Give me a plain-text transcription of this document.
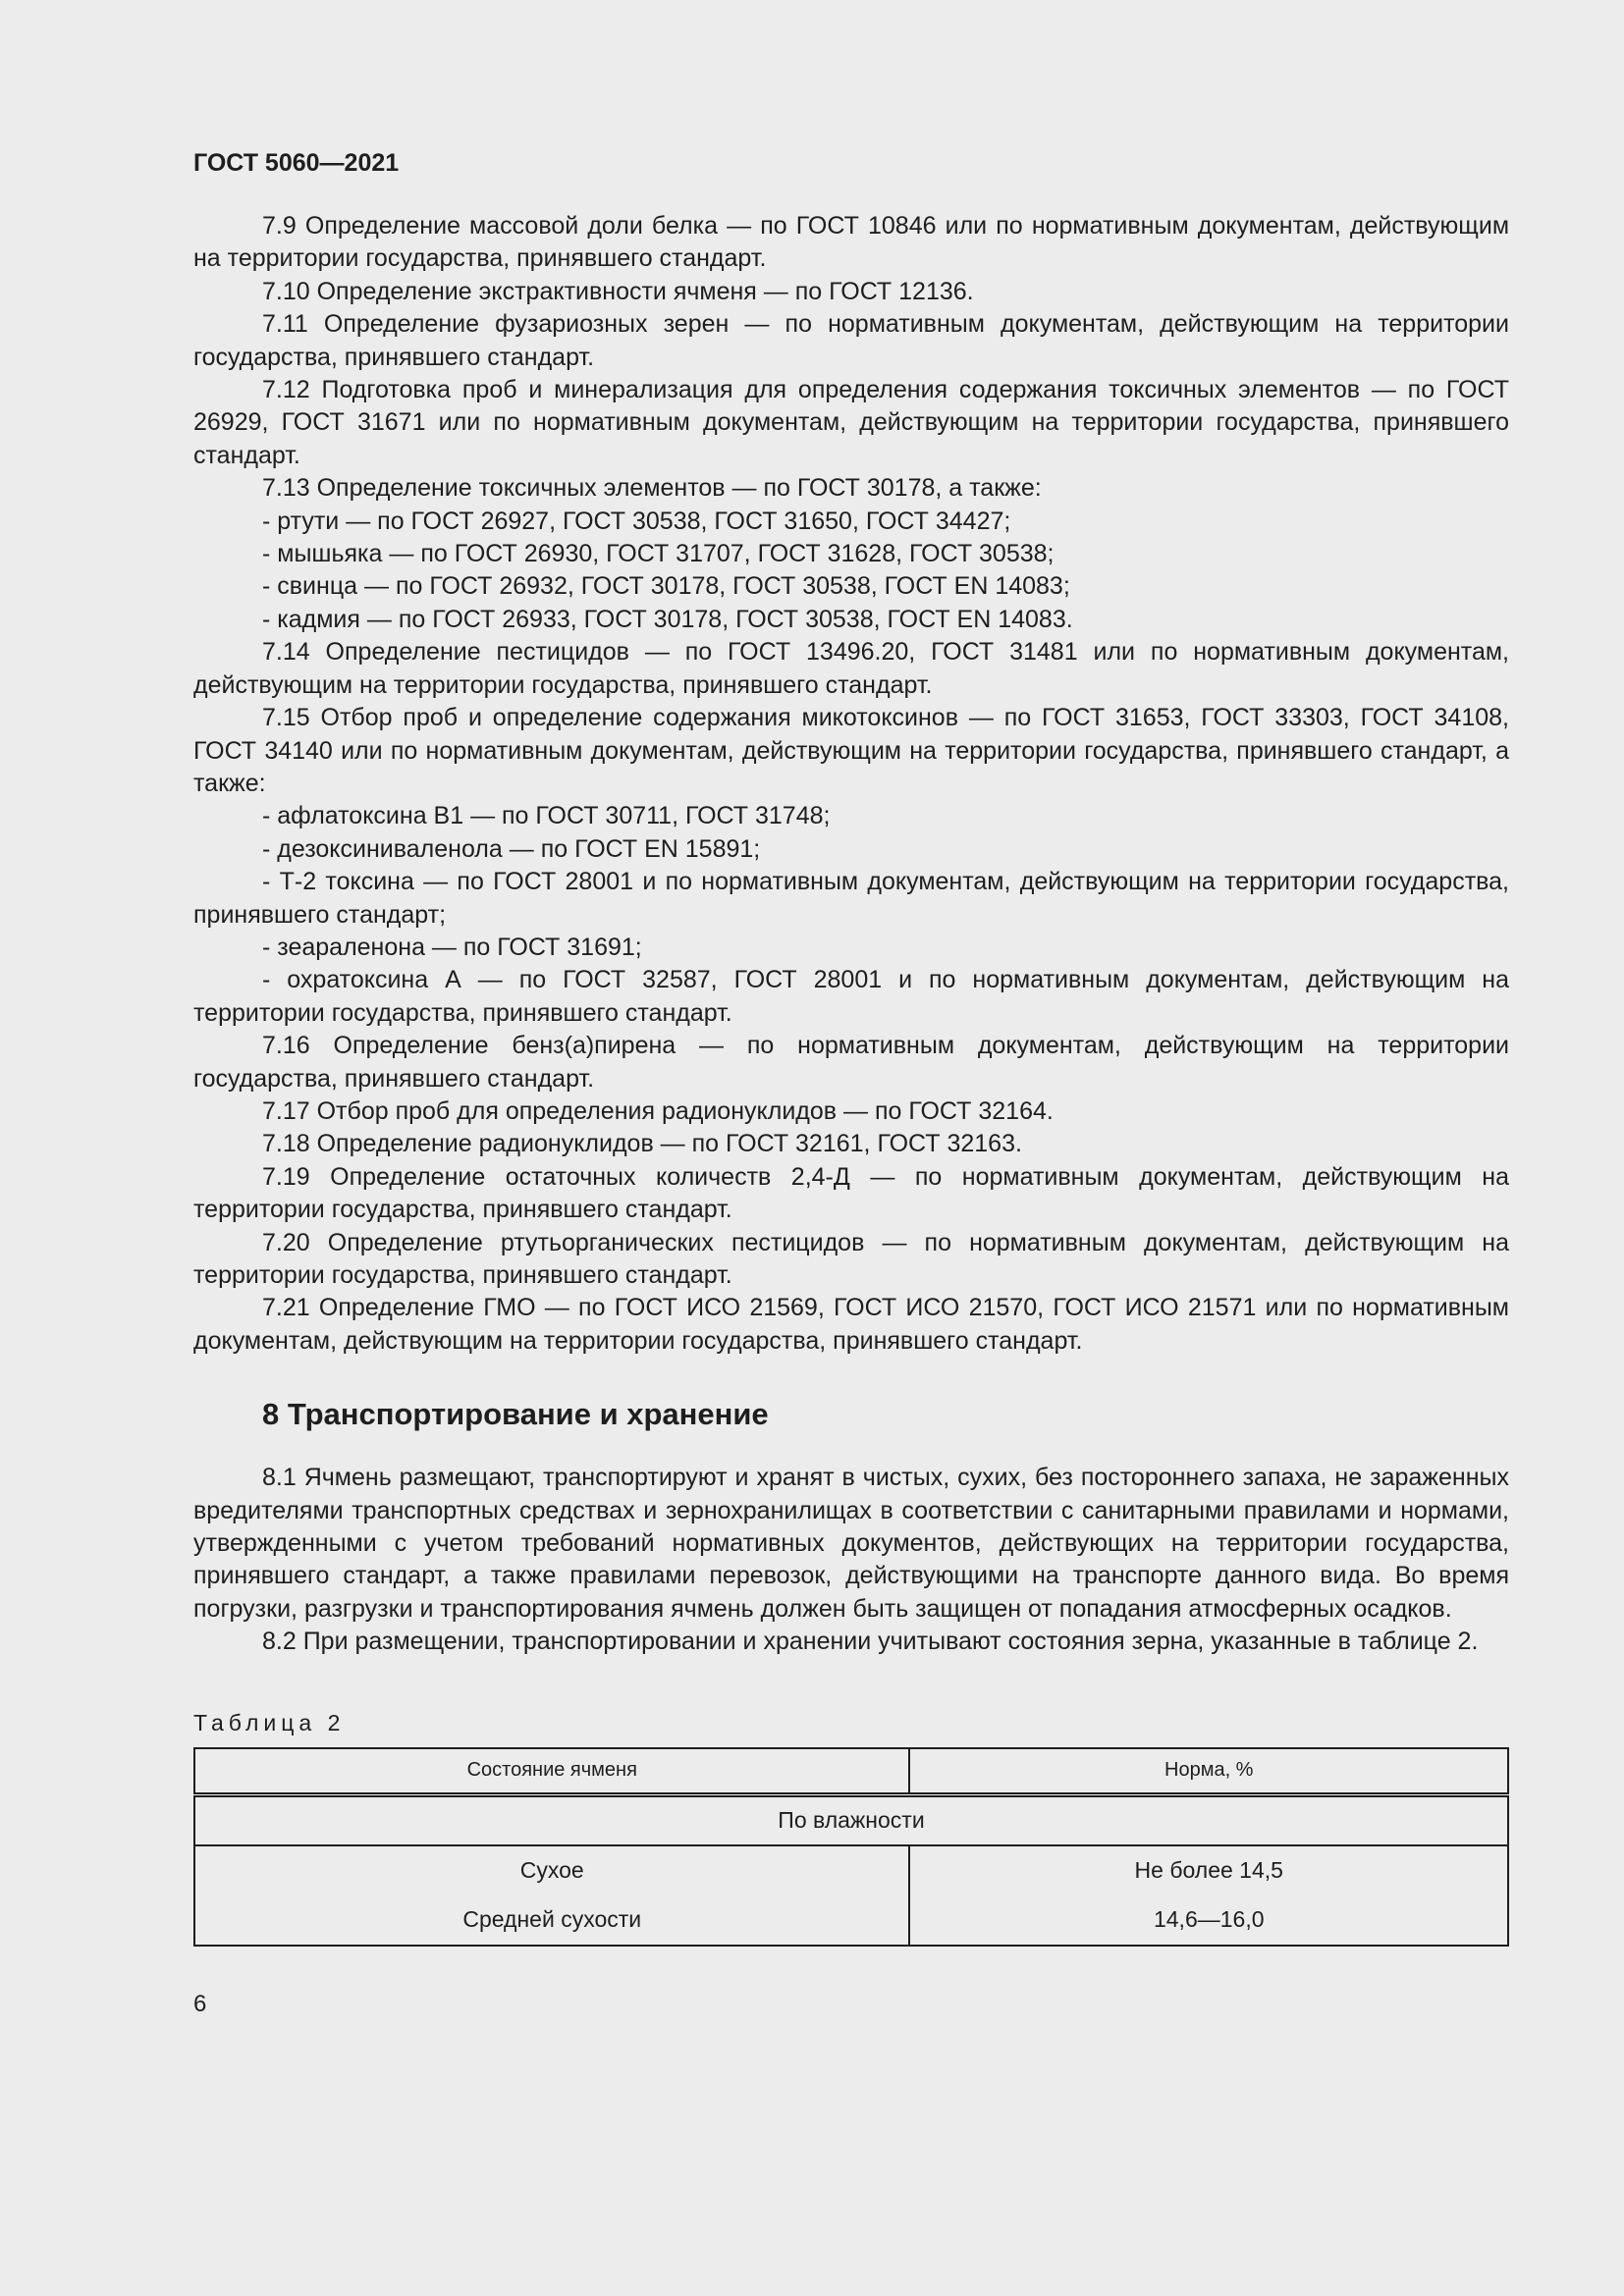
ГОСТ 5060—2021

7.9 Определение массовой доли белка — по ГОСТ 10846 или по нормативным документам, действующим на территории государства, принявшего стандарт.

7.10 Определение экстрактивности ячменя — по ГОСТ 12136.

7.11 Определение фузариозных зерен — по нормативным документам, действующим на территории государства, принявшего стандарт.

7.12 Подготовка проб и минерализация для определения содержания токсичных элементов — по ГОСТ 26929, ГОСТ 31671 или по нормативным документам, действующим на территории государства, принявшего стандарт.

7.13 Определение токсичных элементов — по ГОСТ 30178, а также:

- ртути — по ГОСТ 26927, ГОСТ 30538, ГОСТ 31650, ГОСТ 34427;

- мышьяка — по ГОСТ 26930, ГОСТ 31707, ГОСТ 31628, ГОСТ 30538;

- свинца — по ГОСТ 26932, ГОСТ 30178, ГОСТ 30538, ГОСТ EN 14083;

- кадмия — по ГОСТ 26933, ГОСТ 30178, ГОСТ 30538, ГОСТ EN 14083.

7.14 Определение пестицидов — по ГОСТ 13496.20, ГОСТ 31481 или по нормативным документам, действующим на территории государства, принявшего стандарт.

7.15 Отбор проб и определение содержания микотоксинов — по ГОСТ 31653, ГОСТ 33303, ГОСТ 34108, ГОСТ 34140 или по нормативным документам, действующим на территории государства, принявшего стандарт, а также:

- афлатоксина B1 — по ГОСТ 30711, ГОСТ 31748;

- дезоксиниваленола — по ГОСТ EN 15891;

- Т-2 токсина — по ГОСТ 28001 и по нормативным документам, действующим на территории государства, принявшего стандарт;

- зеараленона — по ГОСТ 31691;

- охратоксина А — по ГОСТ 32587, ГОСТ 28001 и по нормативным документам, действующим на территории государства, принявшего стандарт.

7.16 Определение бенз(а)пирена — по нормативным документам, действующим на территории государства, принявшего стандарт.

7.17 Отбор проб для определения радионуклидов — по ГОСТ 32164.

7.18 Определение радионуклидов — по ГОСТ 32161, ГОСТ 32163.

7.19 Определение остаточных количеств 2,4-Д — по нормативным документам, действующим на территории государства, принявшего стандарт.

7.20 Определение ртутьорганических пестицидов — по нормативным документам, действующим на территории государства, принявшего стандарт.

7.21 Определение ГМО — по ГОСТ ИСО 21569, ГОСТ ИСО 21570, ГОСТ ИСО 21571 или по нормативным документам, действующим на территории государства, принявшего стандарт.

8 Транспортирование и хранение

8.1 Ячмень размещают, транспортируют и хранят в чистых, сухих, без постороннего запаха, не зараженных вредителями транспортных средствах и зернохранилищах в соответствии с санитарными правилами и нормами, утвержденными с учетом требований нормативных документов, действующих на территории государства, принявшего стандарт, а также правилами перевозок, действующими на транспорте данного вида. Во время погрузки, разгрузки и транспортирования ячмень должен быть защищен от попадания атмосферных осадков.

8.2 При размещении, транспортировании и хранении учитывают состояния зерна, указанные в таблице 2.

Таблица 2
Состояние ячменя	Норма, %
По влажности	
Сухое	Не более 14,5
Средней сухости	14,6—16,0
6
